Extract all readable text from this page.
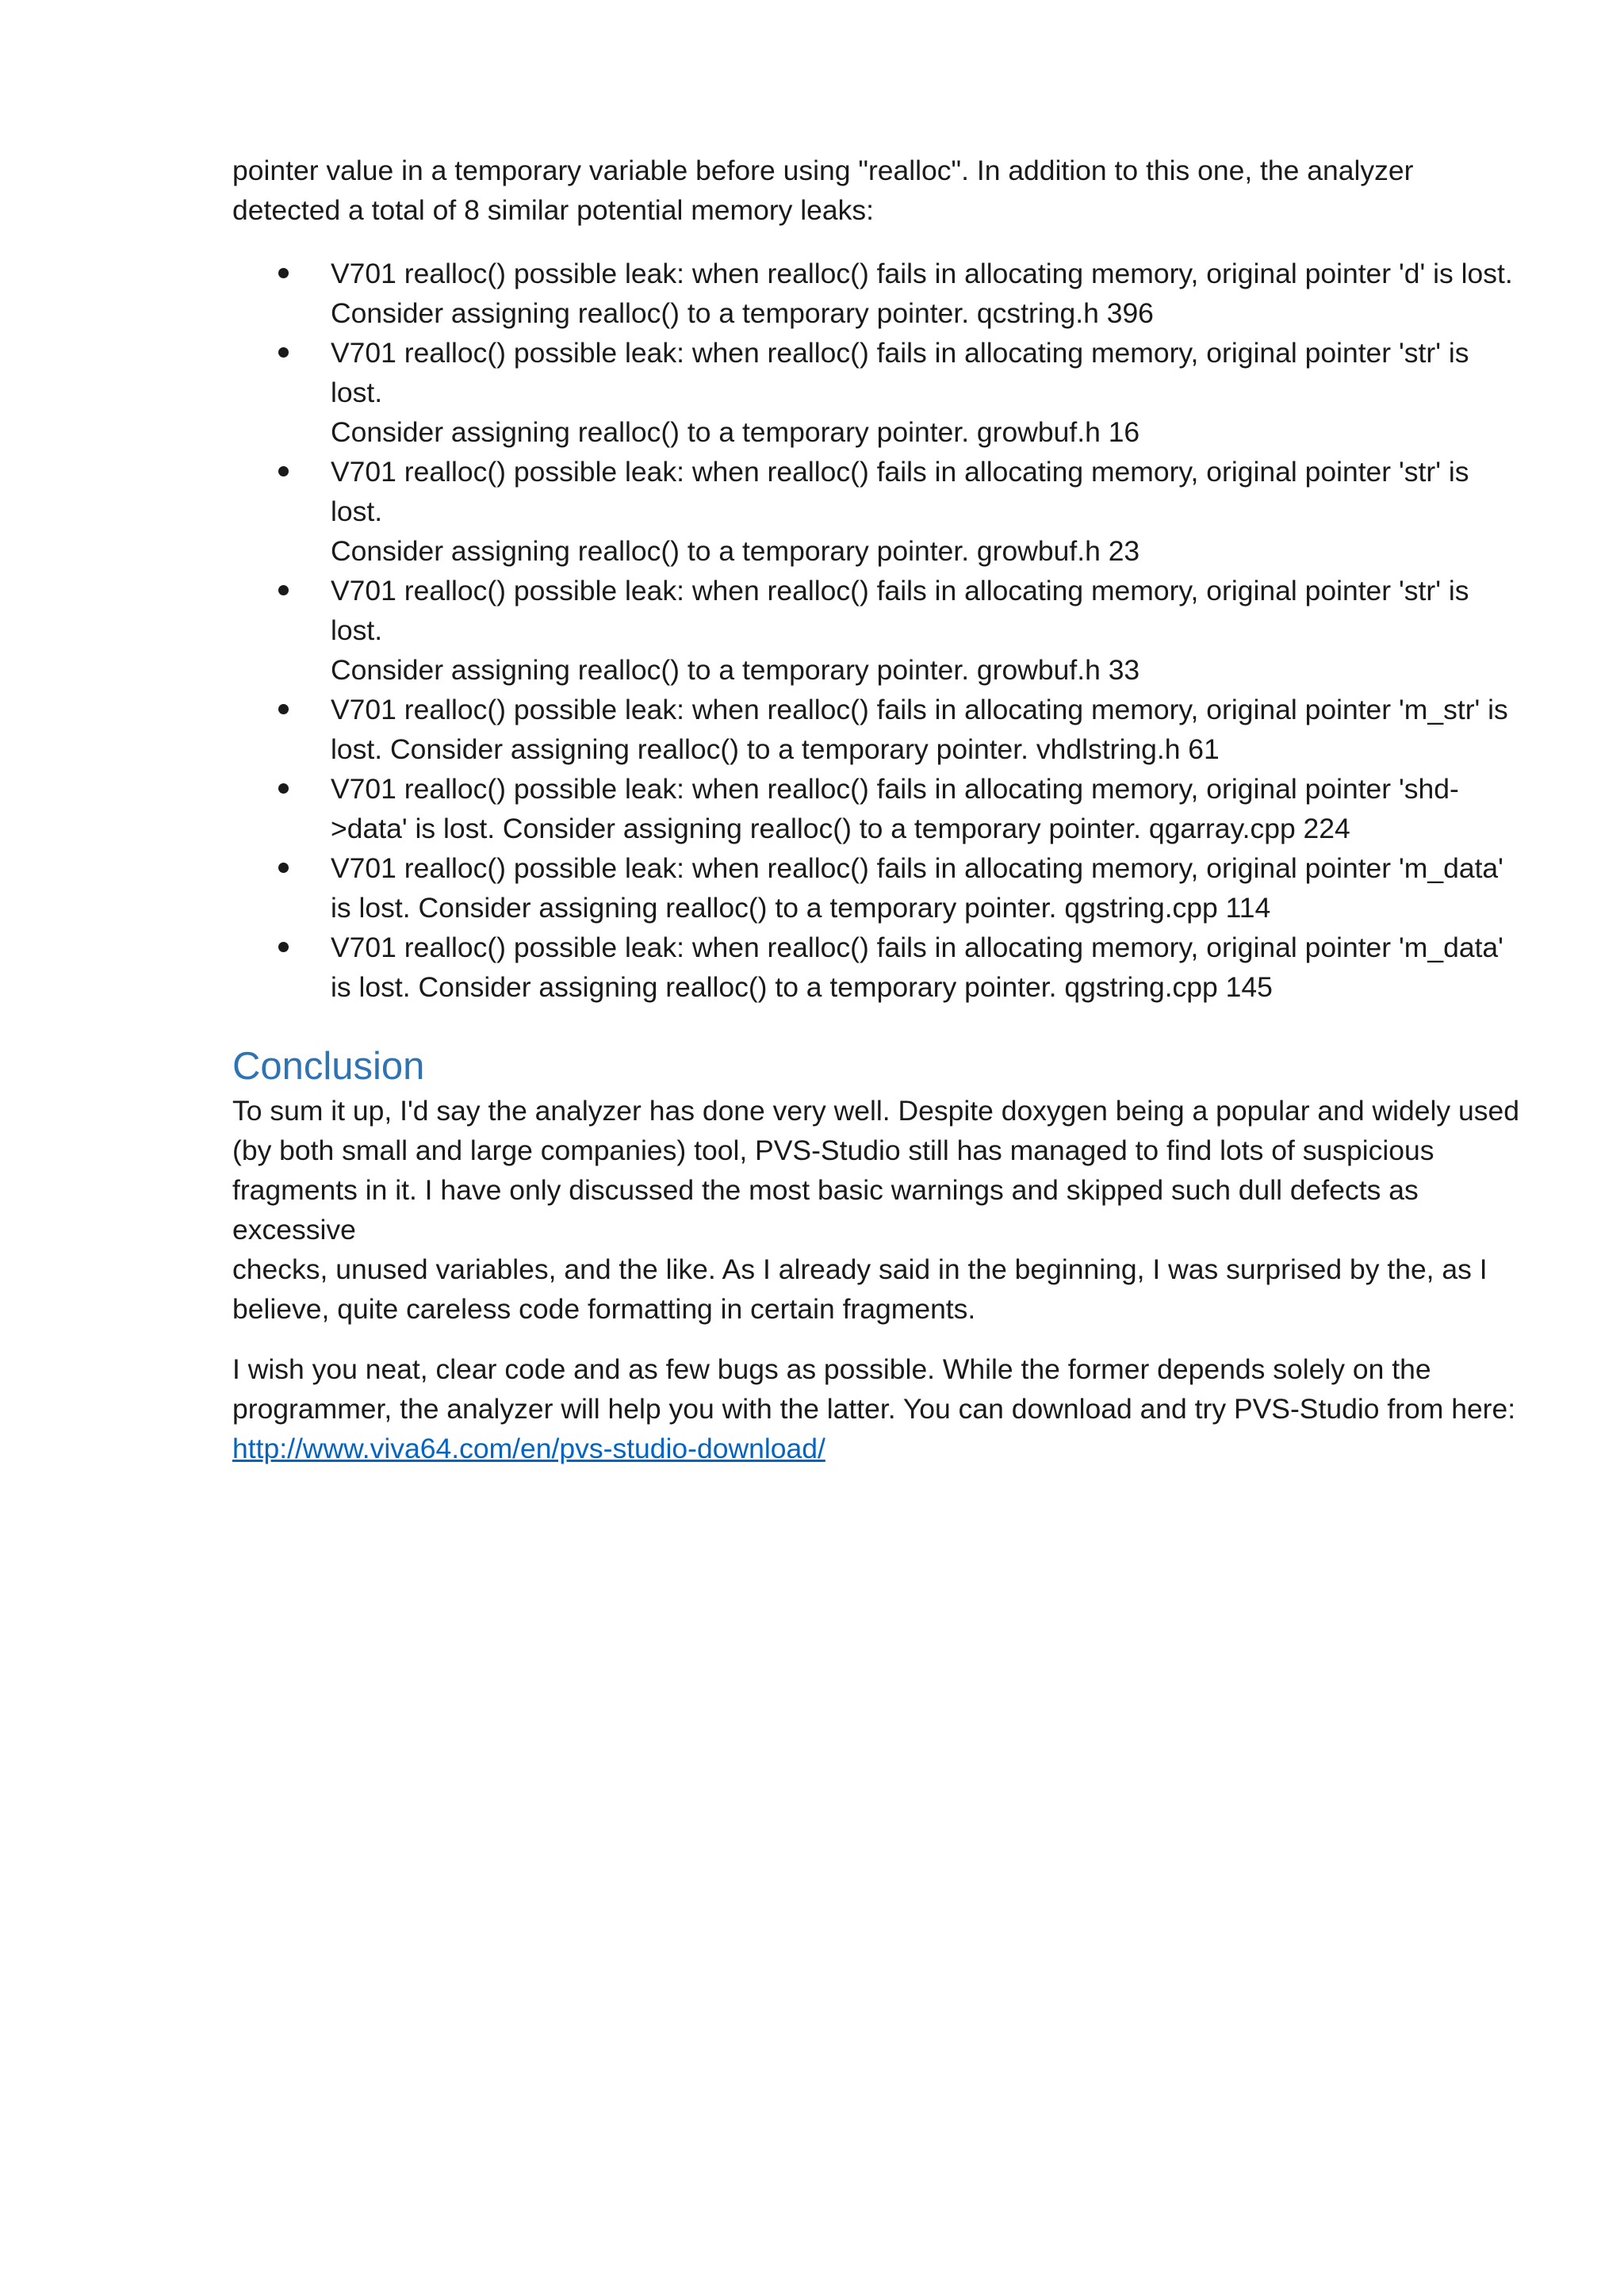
pointer value in a temporary variable before using "realloc". In addition to this one, the analyzer
detected a total of 8 similar potential memory leaks:

V701 realloc() possible leak: when realloc() fails in allocating memory, original pointer 'd' is lost.
Consider assigning realloc() to a temporary pointer. qcstring.h 396
V701 realloc() possible leak: when realloc() fails in allocating memory, original pointer 'str' is lost.
Consider assigning realloc() to a temporary pointer. growbuf.h 16
V701 realloc() possible leak: when realloc() fails in allocating memory, original pointer 'str' is lost.
Consider assigning realloc() to a temporary pointer. growbuf.h 23
V701 realloc() possible leak: when realloc() fails in allocating memory, original pointer 'str' is lost.
Consider assigning realloc() to a temporary pointer. growbuf.h 33
V701 realloc() possible leak: when realloc() fails in allocating memory, original pointer 'm_str' is
lost. Consider assigning realloc() to a temporary pointer. vhdlstring.h 61
V701 realloc() possible leak: when realloc() fails in allocating memory, original pointer 'shd-
>data' is lost. Consider assigning realloc() to a temporary pointer. qgarray.cpp 224
V701 realloc() possible leak: when realloc() fails in allocating memory, original pointer 'm_data'
is lost. Consider assigning realloc() to a temporary pointer. qgstring.cpp 114
V701 realloc() possible leak: when realloc() fails in allocating memory, original pointer 'm_data'
is lost. Consider assigning realloc() to a temporary pointer. qgstring.cpp 145
Conclusion

To sum it up, I'd say the analyzer has done very well. Despite doxygen being a popular and widely used
(by both small and large companies) tool, PVS-Studio still has managed to find lots of suspicious
fragments in it. I have only discussed the most basic warnings and skipped such dull defects as excessive
checks, unused variables, and the like. As I already said in the beginning, I was surprised by the, as I
believe, quite careless code formatting in certain fragments.

I wish you neat, clear code and as few bugs as possible. While the former depends solely on the
programmer, the analyzer will help you with the latter. You can download and try PVS-Studio from here:
http://www.viva64.com/en/pvs-studio-download/
